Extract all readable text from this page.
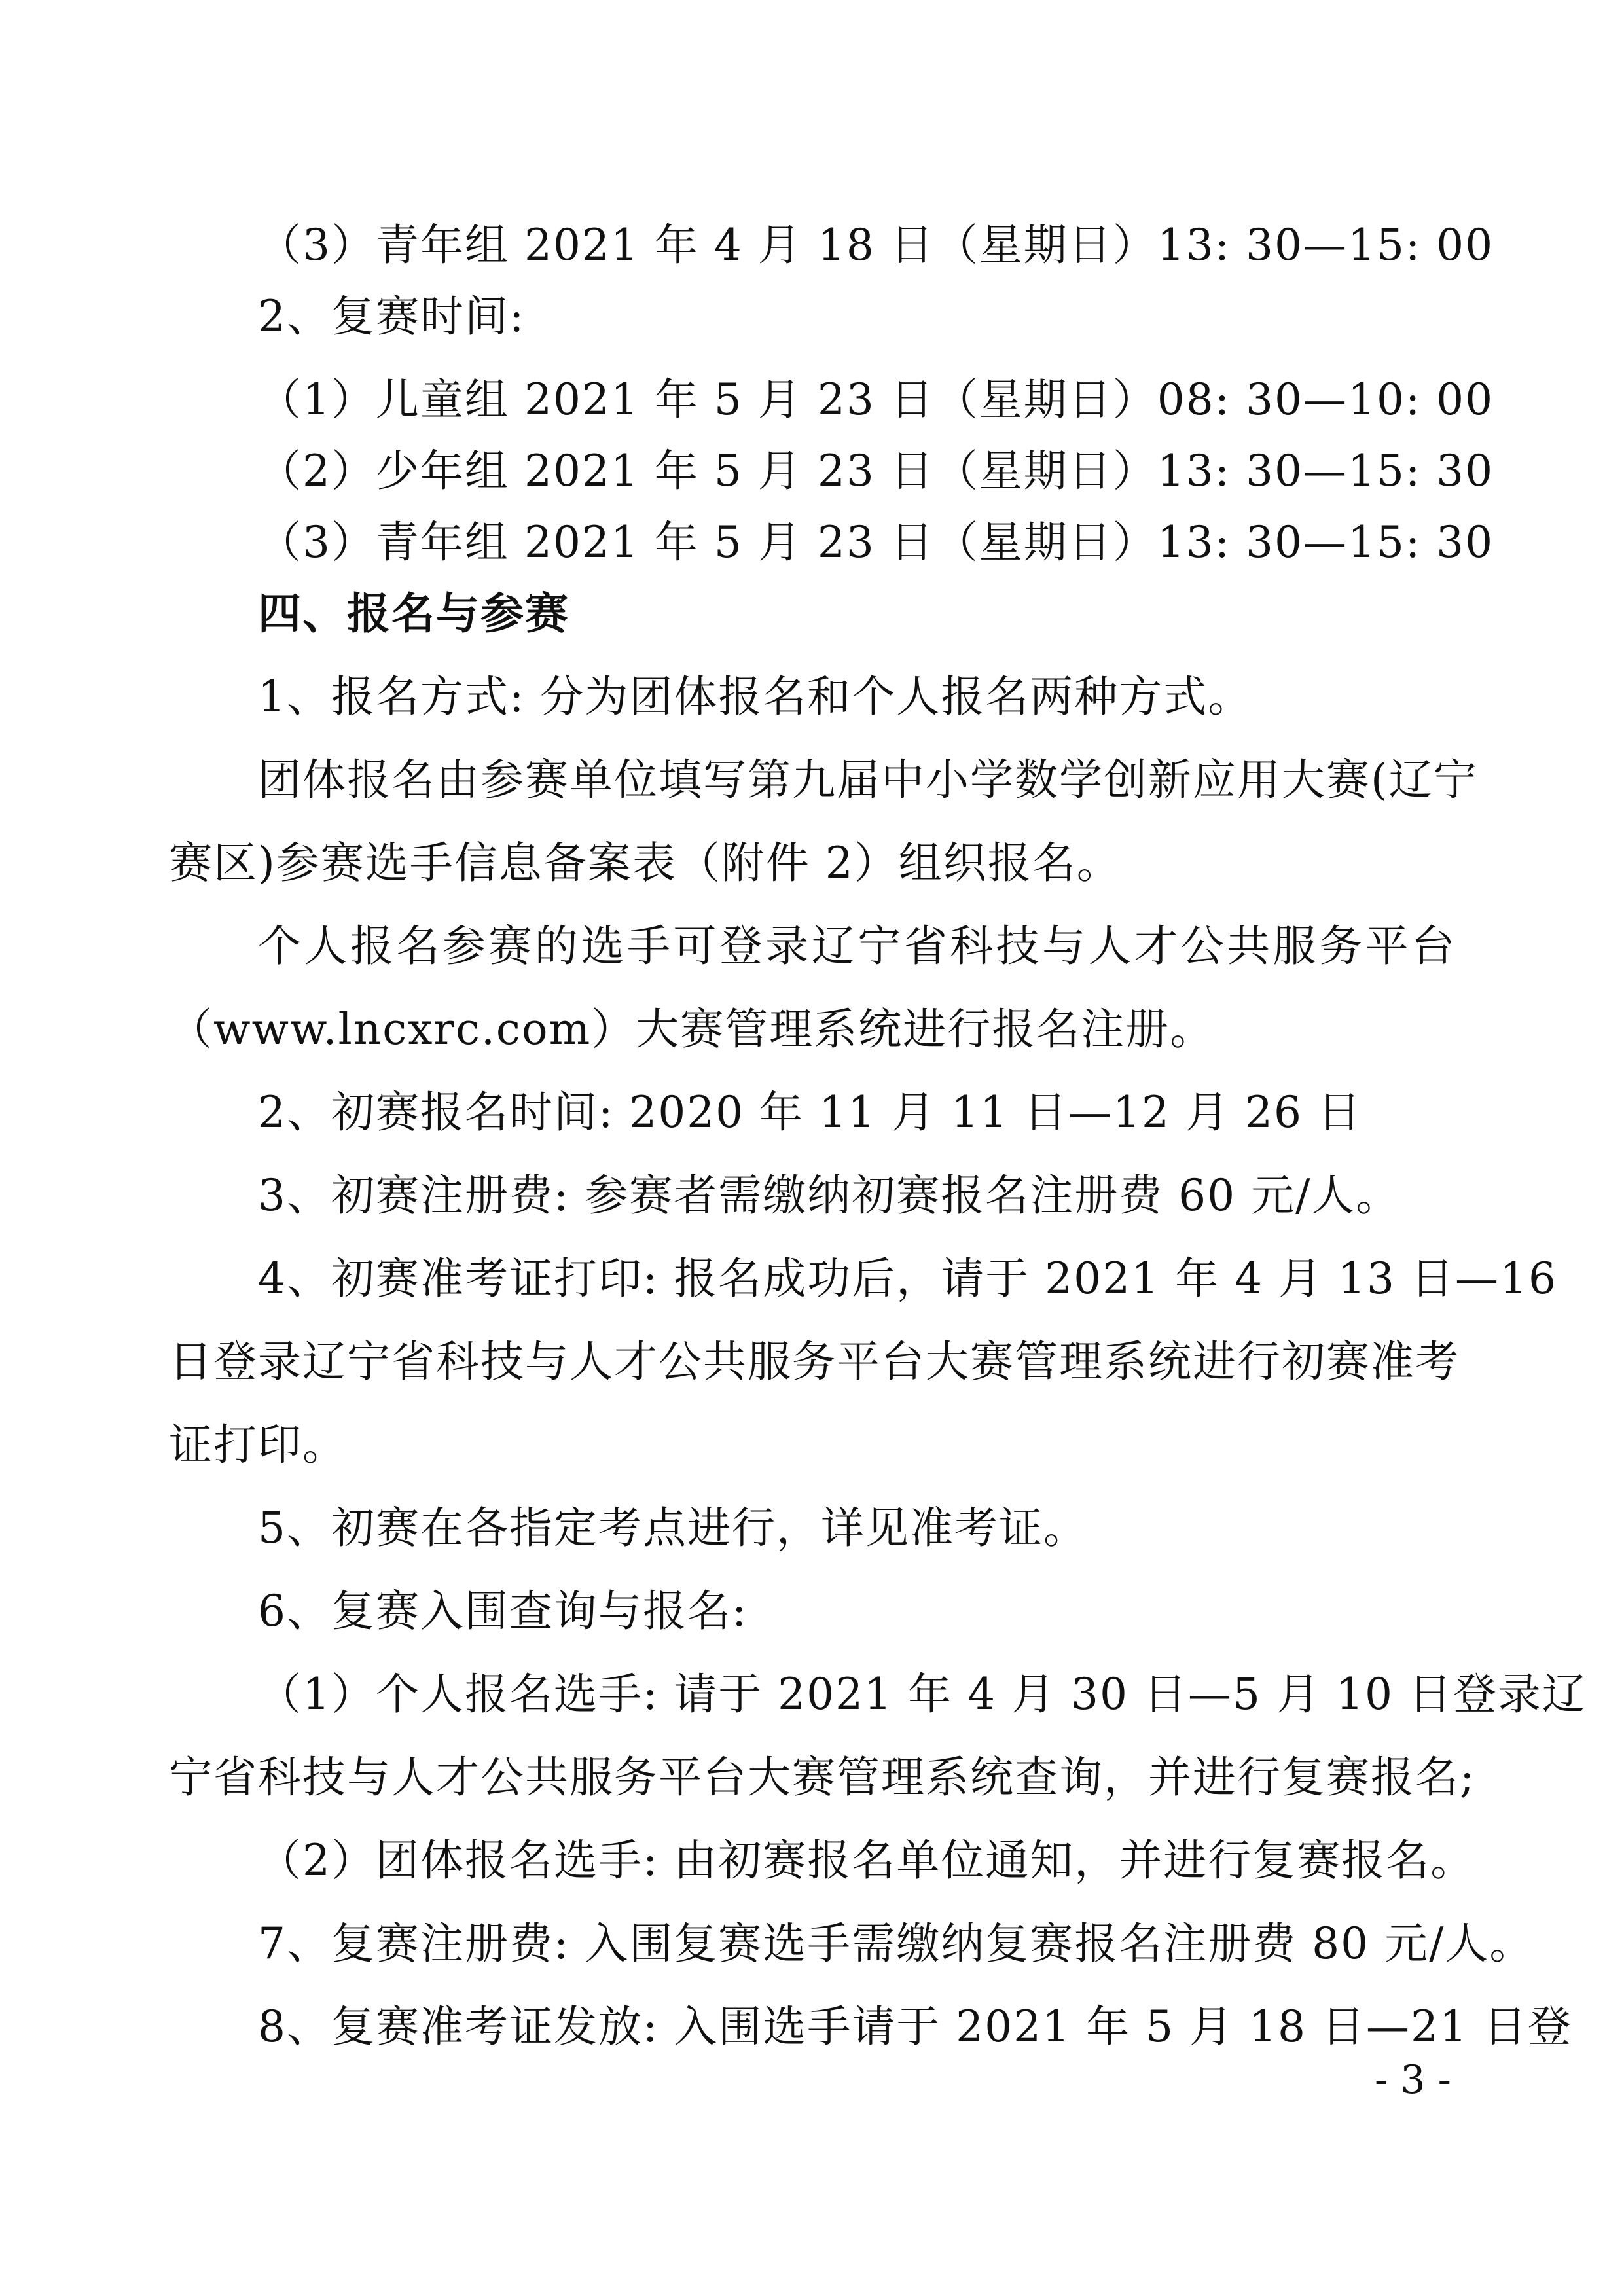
（3）青年组 2021 年 4 月 18 日（星期日）13: 30—15: 00
2、复赛时间:
（1）儿童组 2021 年 5 月 23 日（星期日）08: 30—10: 00
（2）少年组 2021 年 5 月 23 日（星期日）13: 30—15: 30
（3）青年组 2021 年 5 月 23 日（星期日）13: 30—15: 30
四、报名与参赛
1、报名方式: 分为团体报名和个人报名两种方式。
团体报名由参赛单位填写第九届中小学数学创新应用大赛(辽宁
赛区)参赛选手信息备案表（附件 2）组织报名。
个人报名参赛的选手可登录辽宁省科技与人才公共服务平台
（www.lncxrc.com）大赛管理系统进行报名注册。
2、初赛报名时间: 2020 年 11 月 11 日—12 月 26 日
3、初赛注册费: 参赛者需缴纳初赛报名注册费 60 元/人。
4、初赛准考证打印: 报名成功后，请于 2021 年 4 月 13 日—16
日登录辽宁省科技与人才公共服务平台大赛管理系统进行初赛准考
证打印。
5、初赛在各指定考点进行，详见准考证。
6、复赛入围查询与报名:
（1）个人报名选手: 请于 2021 年 4 月 30 日—5 月 10 日登录辽
宁省科技与人才公共服务平台大赛管理系统查询，并进行复赛报名;
（2）团体报名选手: 由初赛报名单位通知，并进行复赛报名。
7、复赛注册费: 入围复赛选手需缴纳复赛报名注册费 80 元/人。
8、复赛准考证发放: 入围选手请于 2021 年 5 月 18 日—21 日登
- 3 -
